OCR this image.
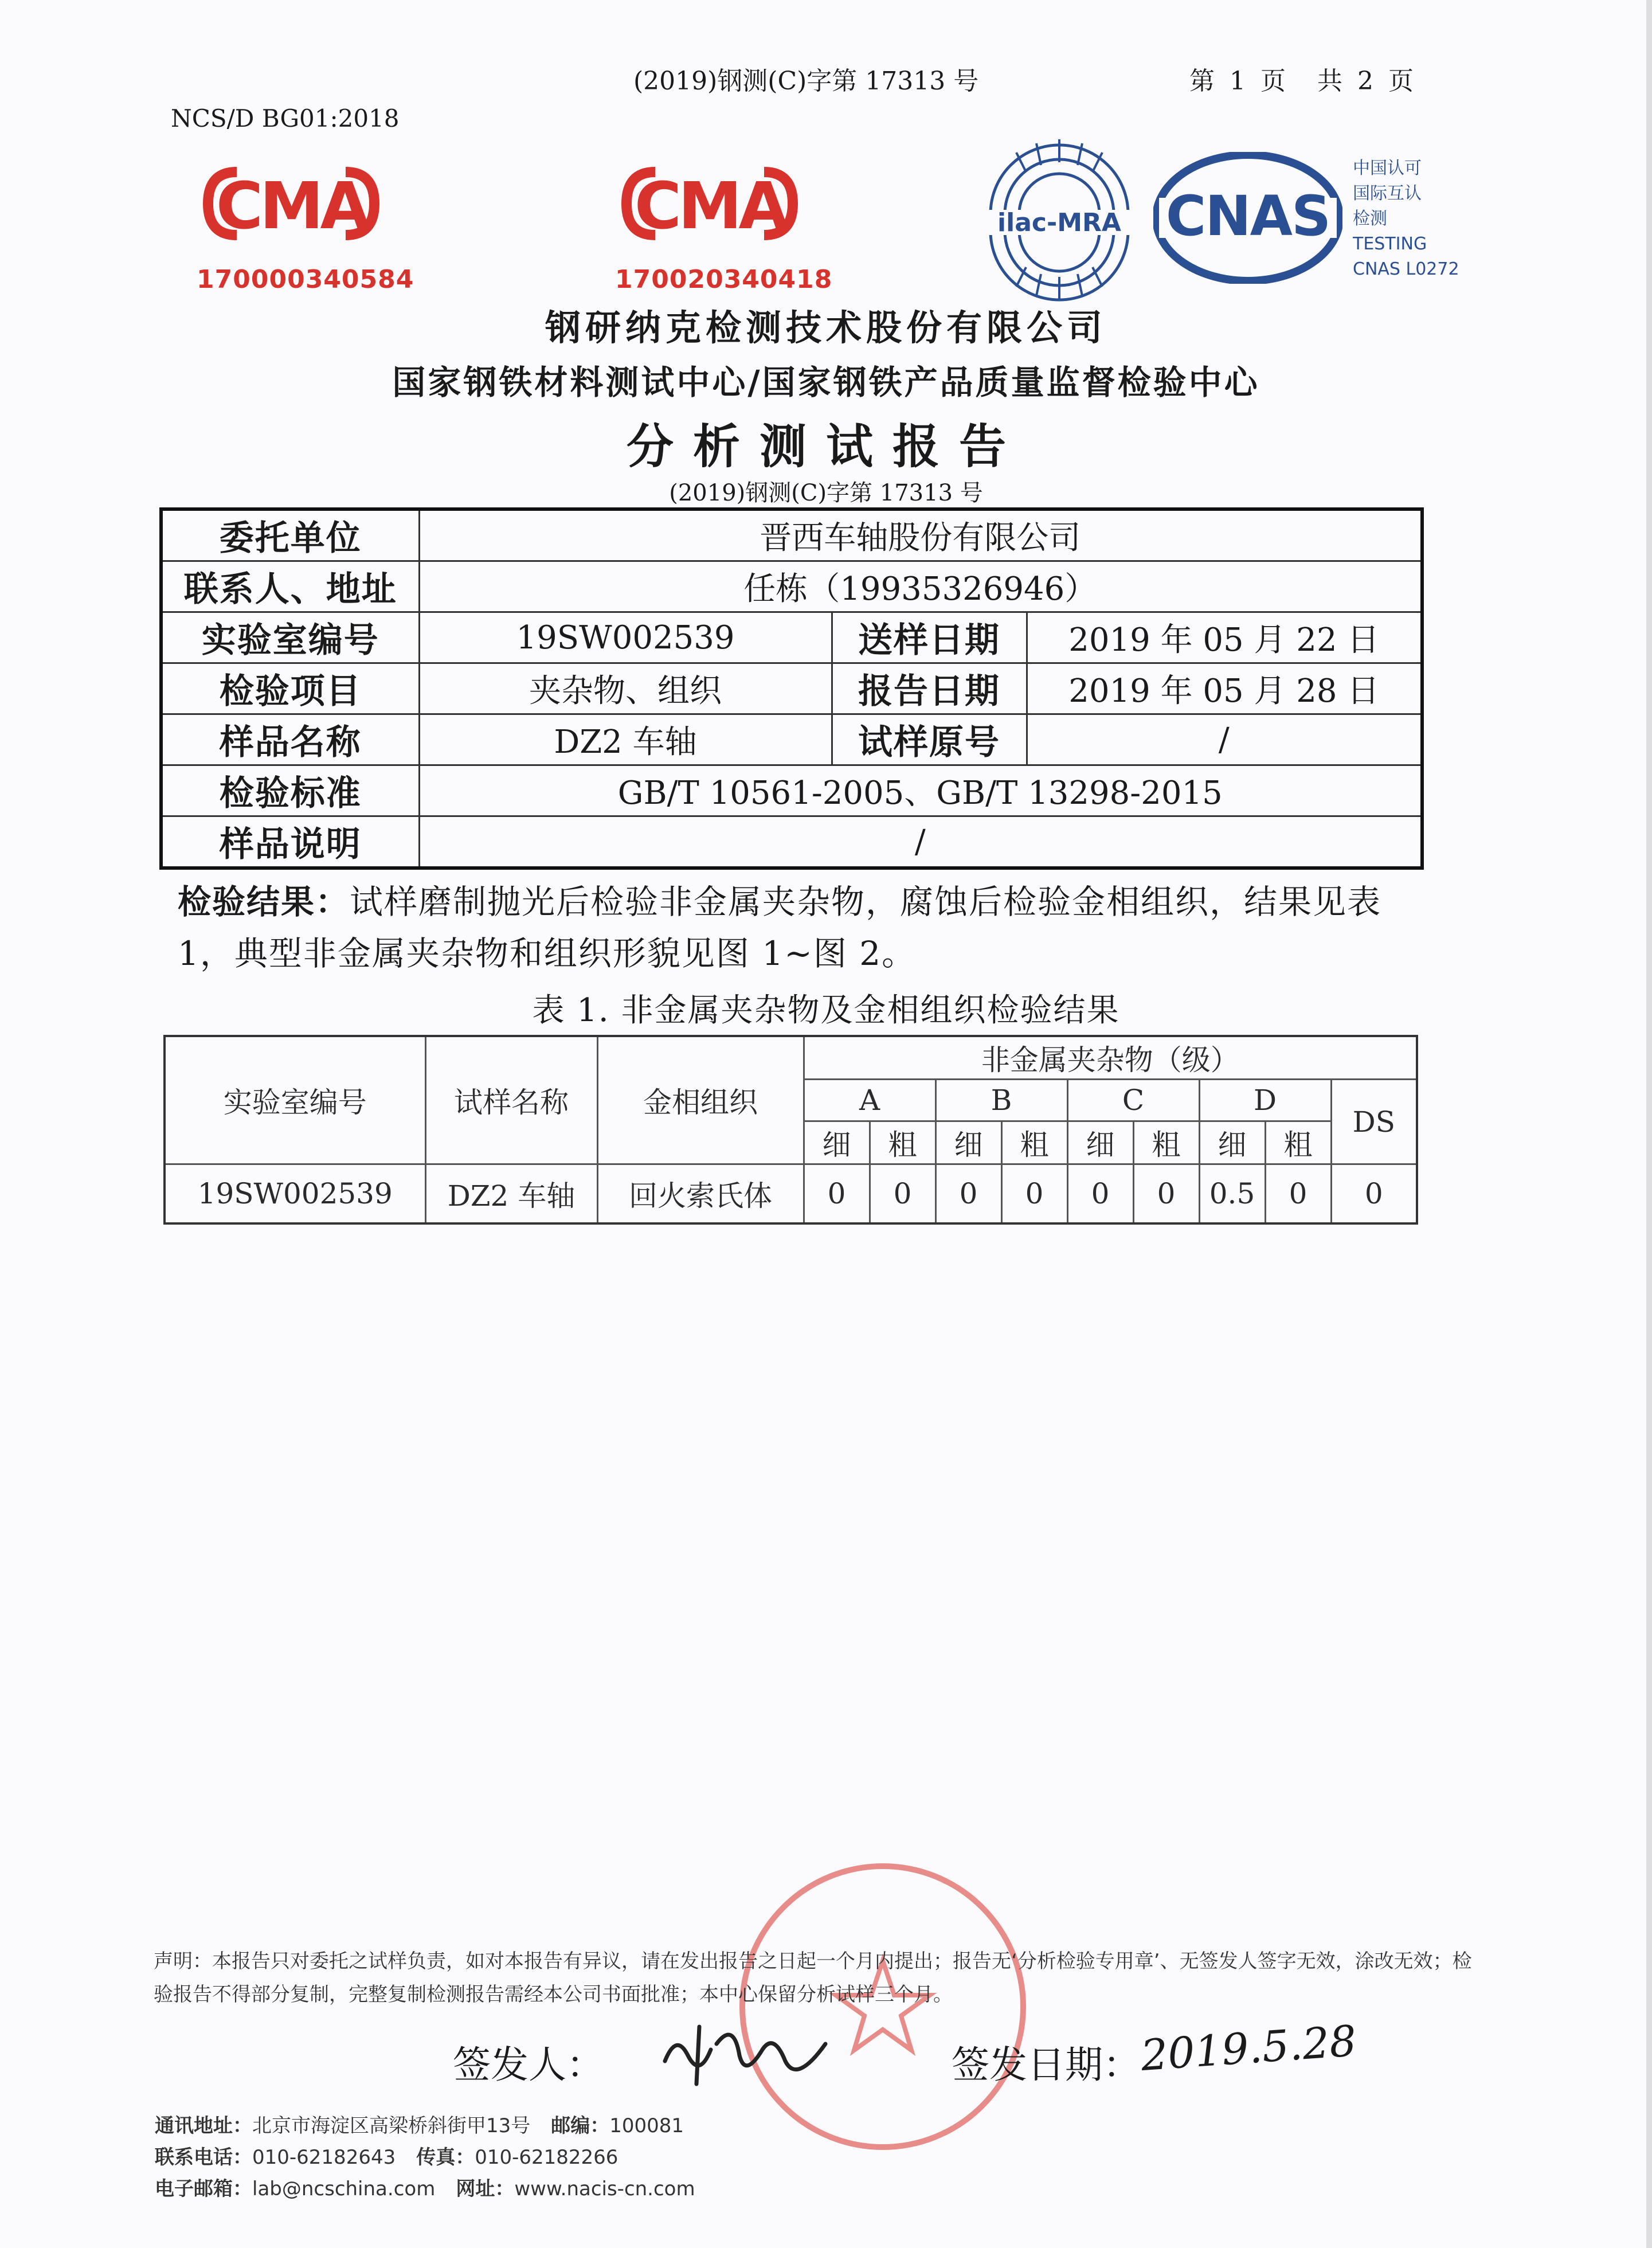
(2019)钢测(C)字第 17313 号	第 1 页 共 2 页
NCS/D BG01:2018
CMA
170000340584
CMA
170020340418
ilac-MRA CNAS
中国认可
国际互认
检测
TESTING
CNAS L0272
钢研纳克检测技术股份有限公司
国家钢铁材料测试中心/国家钢铁产品质量监督检验中心
分析测试报告
(2019)钢测(C)字第 17313 号
委托单位	晋西车轴股份有限公司		
联系人、地址	任栋（19935326946）		
实验室编号	19SW002539	送样日期	2019 年 05 月 22 日
检验项目	夹杂物、组织	报告日期	2019 年 05 月 28 日
样品名称	DZ2 车轴	试样原号	/
检验标准	GB/T 10561-2005、GB/T 13298-2015		
样品说明	/		
检验结果：试样磨制抛光后检验非金属夹杂物，腐蚀后检验金相组织，结果见表 1，典型非金属夹杂物和组织形貌见图 1~图 2。
表 1. 非金属夹杂物及金相组织检验结果
实验室编号	试样名称	金相组织	非金属夹杂物（级）								
			A		B		C		D		DS
			细	粗	细	粗	细	粗	细	粗	
19SW002539	DZ2 车轴	回火索氏体	0	0	0	0	0	0	0.5	0	0
声明：本报告只对委托之试样负责，如对本报告有异议，请在发出报告之日起一个月内提出；报告无‘分析检验专用章’、无签发人签字无效，涂改无效；检验报告不得部分复制，完整复制检测报告需经本公司书面批准；本中心保留分析试样三个月。
签发人：	签发日期：
2019.5.28
通讯地址：北京市海淀区高梁桥斜街甲13号 邮编：100081
联系电话：010-62182643 传真：010-62182266
电子邮箱：lab@ncschina.com 网址：www.nacis-cn.com
